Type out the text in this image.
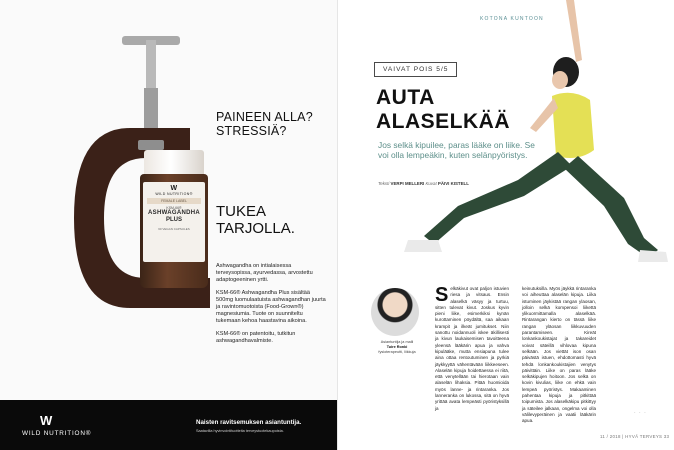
W
WILD NUTRITION®
FEMALE LABEL
KSM-66®
ASHWAGANDHA
PLUS
60 VEGAN CAPSULES
PAINEEN ALLA?
STRESSIÄ?
TUKEA
TARJOLLA.

Ashwagandha on intialaisessa terveysopissa, ayurvedassa, arvostettu adaptogeeninen yrtti.

KSM-66® Ashwagandha Plus sisältää 500mg luomulaatuista ashwagandhan juurta ja ravintomuotoista (Food-Grown®) magnesiumia. Tuote on suunniteltu tukemaan kehoa haastavina aikoina.

KSM-66® on patentoitu, tutkitun ashwagandhavalmiste.

W
WILD NUTRITION®
Naisten ravitsemuksen asiantuntija.
Saatavilla hyvinvointituotteita terveystuotekaupoista.
KOTONA KUNTOON
VAIVAT POIS 5/5
AUTA
ALASELKÄÄ

Jos selkä kipuilee, paras lääke on liike. Se voi olla lempeäkin, kuten selänpyöristys.

Teksti VERPI MELLERI Kuvat PÄIVI KISTELL

Asiantuntija ja malli
Tuire Ronki
fysioterapeutti, liikkuja
Selkäkivut ovat paljon istuvien riesa ja vitsaus. Ensin alaselkä väsyy ja turtuu, sitten tulevat kivut. Joskus kyvin pieni liike, esimerkiksi kynän kurottaminen pöydältä, saa aikaan krampit ja ilkeät jumitukset. Niin sanottu noidannuoli iskee äkillisesti ja kivun laukaisemisen tavoitteena yleensä lääkärin apua ja vahva kipulääke, mutta ensiapuna tulee aina ottaa rentoutuminen ja pyrkiä jäykkyyttä vähentävään liikkeeseen. Alaselän kipuja hoidettaessa ei riitä, että venytellään tai hierotaan vain alaselän lihaksia. Pitää huomioida myös lanne- ja rintaranka. Jos lanneranka on lukossa, sitä on hyvä yrittää avata lempeästi pyöristyksillä ja
keinutuksilla. Myös jäykkä rintaranka voi aiheuttaa alaselän kipuja. Liika istuminen jäykistää rangan ylaosan, jolloin selkä kompensoi liikettä ylikuormittamalla alaselkää. Rintarangan kierto on tässä liike rangan yläosan liikkuvuuden parantamiseen. Kireät lonkankoukistajat ja takareidet voivat säteillä vihlovaa kipuna selkään. Jos viettät ison osan päivästä istuen, ehdottomasti hyvä tehdä lonkankoukistajien venytys päivittäin. Liike on paras lääke selkäkipujen hoitoon. Jos selkä on kovin kivulias, liike on ehkä vain lempeä pyöristys. Makaaminen pahentaa kipuja ja pitkittää toipumista. Jos alaselkäkipu pitkittyy ja säteilee jalkaan, ongelma voi olla välilevyperäinen ja vaatii lääkärin apua.
· · ·
11 / 2018 | HYVÄ TERVEYS 33
